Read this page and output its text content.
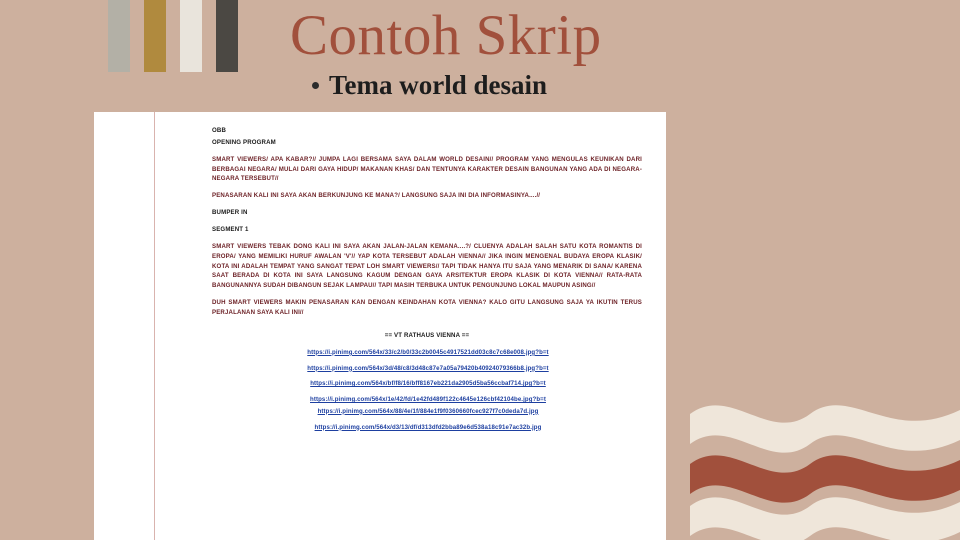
Contoh Skrip
Tema world desain
OBB
OPENING PROGRAM
SMART VIEWERS/ APA KABAR?// JUMPA LAGI BERSAMA SAYA DALAM WORLD DESAIN// PROGRAM YANG MENGULAS KEUNIKAN DARI BERBAGAI NEGARA/ MULAI DARI GAYA HIDUP/ MAKANAN KHAS/ DAN TENTUNYA KARAKTER DESAIN BANGUNAN YANG ADA DI NEGARA-NEGARA TERSEBUT//
PENASARAN KALI INI SAYA AKAN BERKUNJUNG KE MANA?/ LANGSUNG SAJA INI DIA INFORMASINYA....//
BUMPER IN
SEGMENT 1
SMART VIEWERS TEBAK DONG KALI INI SAYA AKAN JALAN-JALAN KEMANA....?/ CLUENYA ADALAH SALAH SATU KOTA ROMANTIS DI EROPA/ YANG MEMILIKI HURUF AWALAN 'V'// YAP KOTA TERSEBUT ADALAH VIENNA// JIKA INGIN MENGENAL BUDAYA EROPA KLASIK/ KOTA INI ADALAH TEMPAT YANG SANGAT TEPAT LOH SMART VIEWERS// TAPI TIDAK HANYA ITU SAJA YANG MENARIK DI SANA/ KARENA SAAT BERADA DI KOTA INI SAYA LANGSUNG KAGUM DENGAN GAYA ARSITEKTUR EROPA KLASIK DI KOTA VIENNA// RATA-RATA BANGUNANNYA SUDAH DIBANGUN SEJAK LAMPAU// TAPI MASIH TERBUKA UNTUK PENGUNJUNG LOKAL MAUPUN ASING//
DUH SMART VIEWERS MAKIN PENASARAN KAN DENGAN KEINDAHAN KOTA VIENNA? KALO GITU LANGSUNG SAJA YA IKUTIN TERUS PERJALANAN SAYA KALI INI//
== VT RATHAUS VIENNA ==
https://i.pinimg.com/564x/33/c2/b0/33c2b0045c4917521dd03c8c7c68e008.jpg?b=t
https://i.pinimg.com/564x/3d/48/c8/3d48c87e7a05a79420b40924079366b8.jpg?b=t
https://i.pinimg.com/564x/bf/f8/16/bff8167eb221da2905d5ba56ccbaf714.jpg?b=t
https://i.pinimg.com/564x/1e/42/fd/1e42fd489f122c4645e126cbf42104be.jpg?b=t
https://i.pinimg.com/564x/88/4e/1f/884e1f9f0360660fcec927f7c0deda7d.jpg
https://i.pinimg.com/564x/d3/13/df/d313dfd2bba89e6d538a18c91e7ac32b.jpg
